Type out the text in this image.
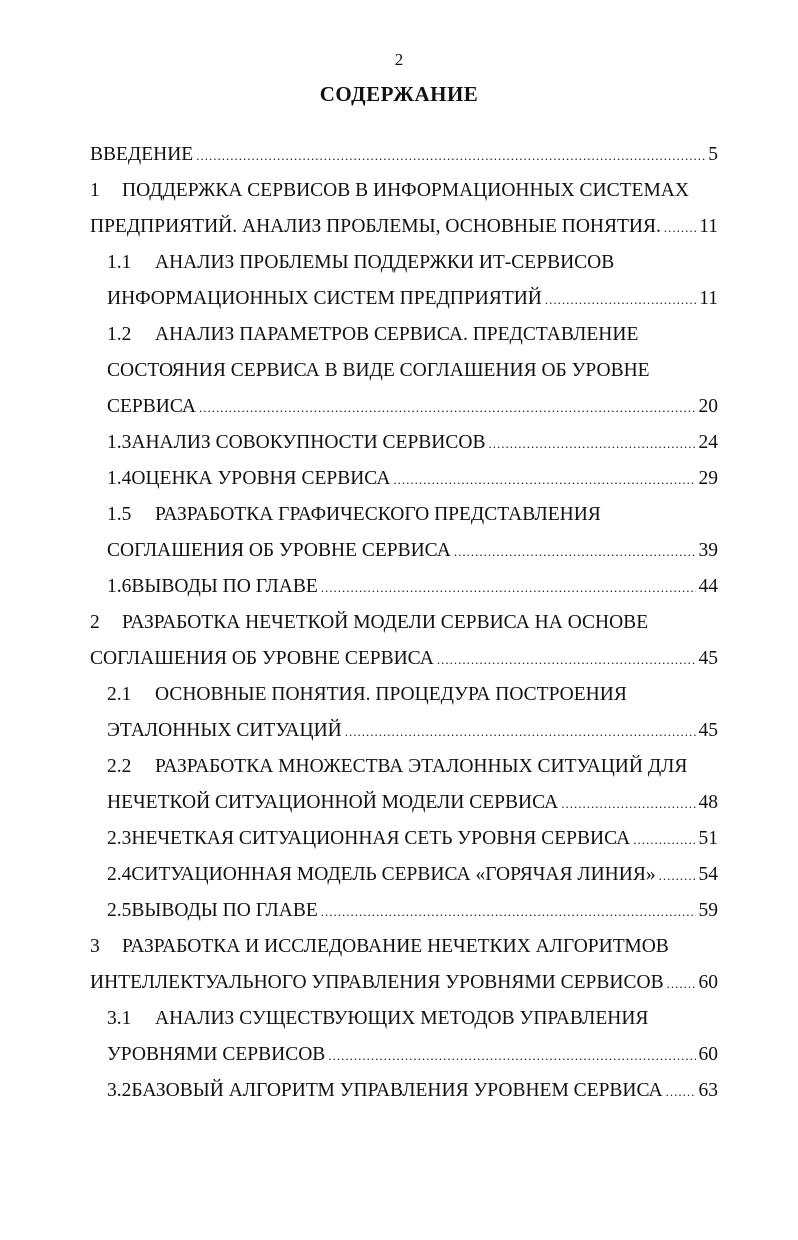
2
СОДЕРЖАНИЕ
ВВЕДЕНИЕ .....	5
1	ПОДДЕРЖКА СЕРВИСОВ В ИНФОРМАЦИОННЫХ СИСТЕМАХ
ПРЕДПРИЯТИЙ. АНАЛИЗ ПРОБЛЕМЫ, ОСНОВНЫЕ ПОНЯТИЯ. ..... 11
1.1	АНАЛИЗ ПРОБЛЕМЫ ПОДДЕРЖКИ ИТ-СЕРВИСОВ
ИНФОРМАЦИОННЫХ СИСТЕМ ПРЕДПРИЯТИЙ .....	11
1.2	АНАЛИЗ ПАРАМЕТРОВ СЕРВИСА. ПРЕДСТАВЛЕНИЕ
СОСТОЯНИЯ СЕРВИСА В ВИДЕ СОГЛАШЕНИЯ ОБ УРОВНЕ
СЕРВИСА .....	20
1.3 АНАЛИЗ СОВОКУПНОСТИ СЕРВИСОВ .....	24
1.4 ОЦЕНКА УРОВНЯ СЕРВИСА .....	29
1.5	РАЗРАБОТКА ГРАФИЧЕСКОГО ПРЕДСТАВЛЕНИЯ
СОГЛАШЕНИЯ ОБ УРОВНЕ СЕРВИСА .....	39
1.6 ВЫВОДЫ ПО ГЛАВЕ .....	44
2	РАЗРАБОТКА НЕЧЕТКОЙ МОДЕЛИ СЕРВИСА НА ОСНОВЕ
СОГЛАШЕНИЯ ОБ УРОВНЕ СЕРВИСА .....	45
2.1	ОСНОВНЫЕ ПОНЯТИЯ. ПРОЦЕДУРА ПОСТРОЕНИЯ
ЭТАЛОННЫХ СИТУАЦИЙ .....	45
2.2	РАЗРАБОТКА МНОЖЕСТВА ЭТАЛОННЫХ СИТУАЦИЙ ДЛЯ
НЕЧЕТКОЙ СИТУАЦИОННОЙ МОДЕЛИ СЕРВИСА .....	48
2.3 НЕЧЕТКАЯ СИТУАЦИОННАЯ СЕТЬ УРОВНЯ СЕРВИСА .....	51
2.4 СИТУАЦИОННАЯ МОДЕЛЬ СЕРВИСА «ГОРЯЧАЯ ЛИНИЯ» ..... 54
2.5 ВЫВОДЫ ПО ГЛАВЕ .....	59
3	РАЗРАБОТКА И ИССЛЕДОВАНИЕ НЕЧЕТКИХ АЛГОРИТМОВ
ИНТЕЛЛЕКТУАЛЬНОГО УПРАВЛЕНИЯ УРОВНЯМИ СЕРВИСОВ ..... 60
3.1	АНАЛИЗ СУЩЕСТВУЮЩИХ МЕТОДОВ УПРАВЛЕНИЯ
УРОВНЯМИ СЕРВИСОВ .....	60
3.2 БАЗОВЫЙ АЛГОРИТМ УПРАВЛЕНИЯ УРОВНЕМ СЕРВИСА ..... 63
